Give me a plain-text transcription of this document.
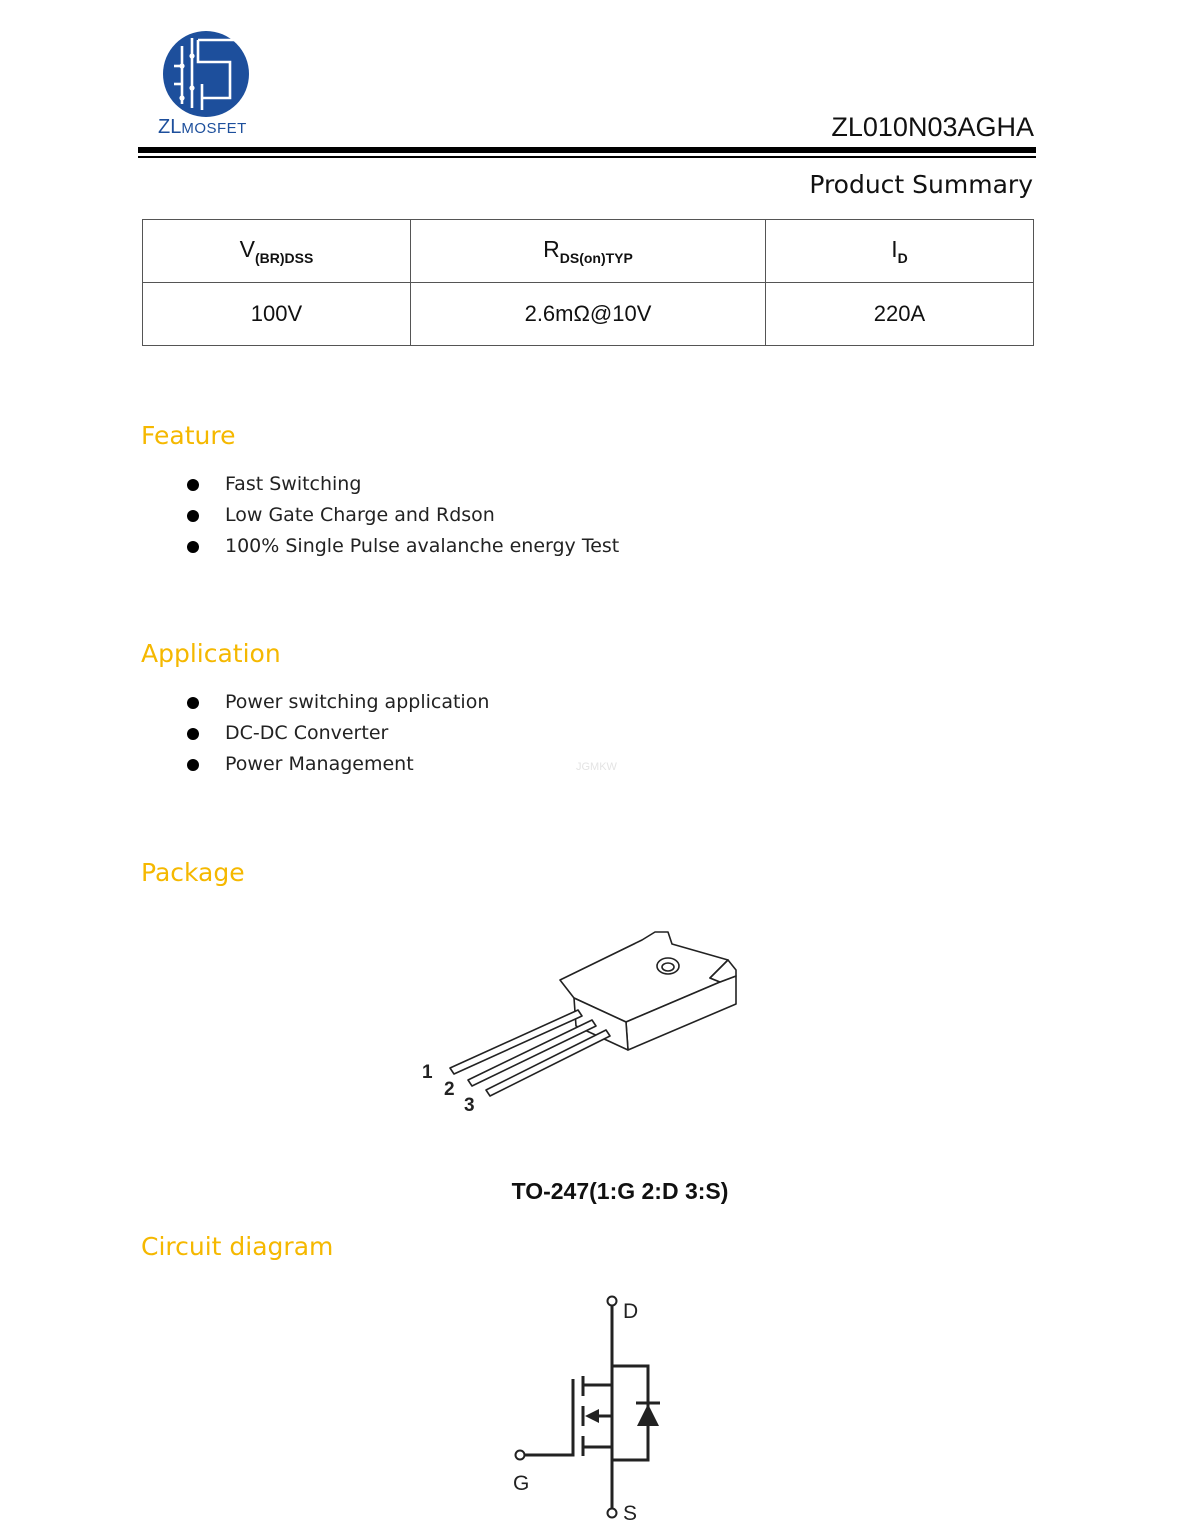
ZLMOSFET	ZL010N03AGHA
Product Summary
$V_{(BR)DSS}$	$R_{DS(on)TYP}$	$I_D$
100V	2.6mΩ@10V	220A
Feature
Fast Switching
Low Gate Charge and Rdson
100% Single Pulse avalanche energy Test
Application
Power switching application
DC-DC Converter
Power Management	JGMKW
Package
1
2
3
TO-247(1:G 2:D 3:S)
Circuit diagram
D
G
S
